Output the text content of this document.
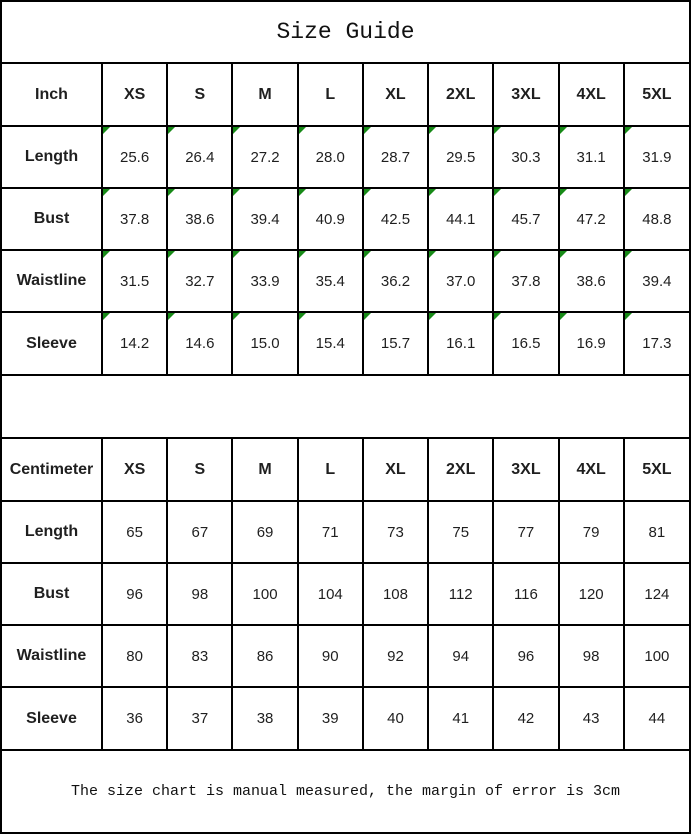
Size Guide
Inch	XS	S	M	L	XL	2XL	3XL	4XL	5XL
Length	25.6	26.4	27.2	28.0	28.7	29.5	30.3	31.1	31.9
Bust	37.8	38.6	39.4	40.9	42.5	44.1	45.7	47.2	48.8
Waistline	31.5	32.7	33.9	35.4	36.2	37.0	37.8	38.6	39.4
Sleeve	14.2	14.6	15.0	15.4	15.7	16.1	16.5	16.9	17.3
Centimeter	XS	S	M	L	XL	2XL	3XL	4XL	5XL
Length	65	67	69	71	73	75	77	79	81
Bust	96	98	100	104	108	112	116	120	124
Waistline	80	83	86	90	92	94	96	98	100
Sleeve	36	37	38	39	40	41	42	43	44
The size chart is manual measured, the margin of error is 3cm
